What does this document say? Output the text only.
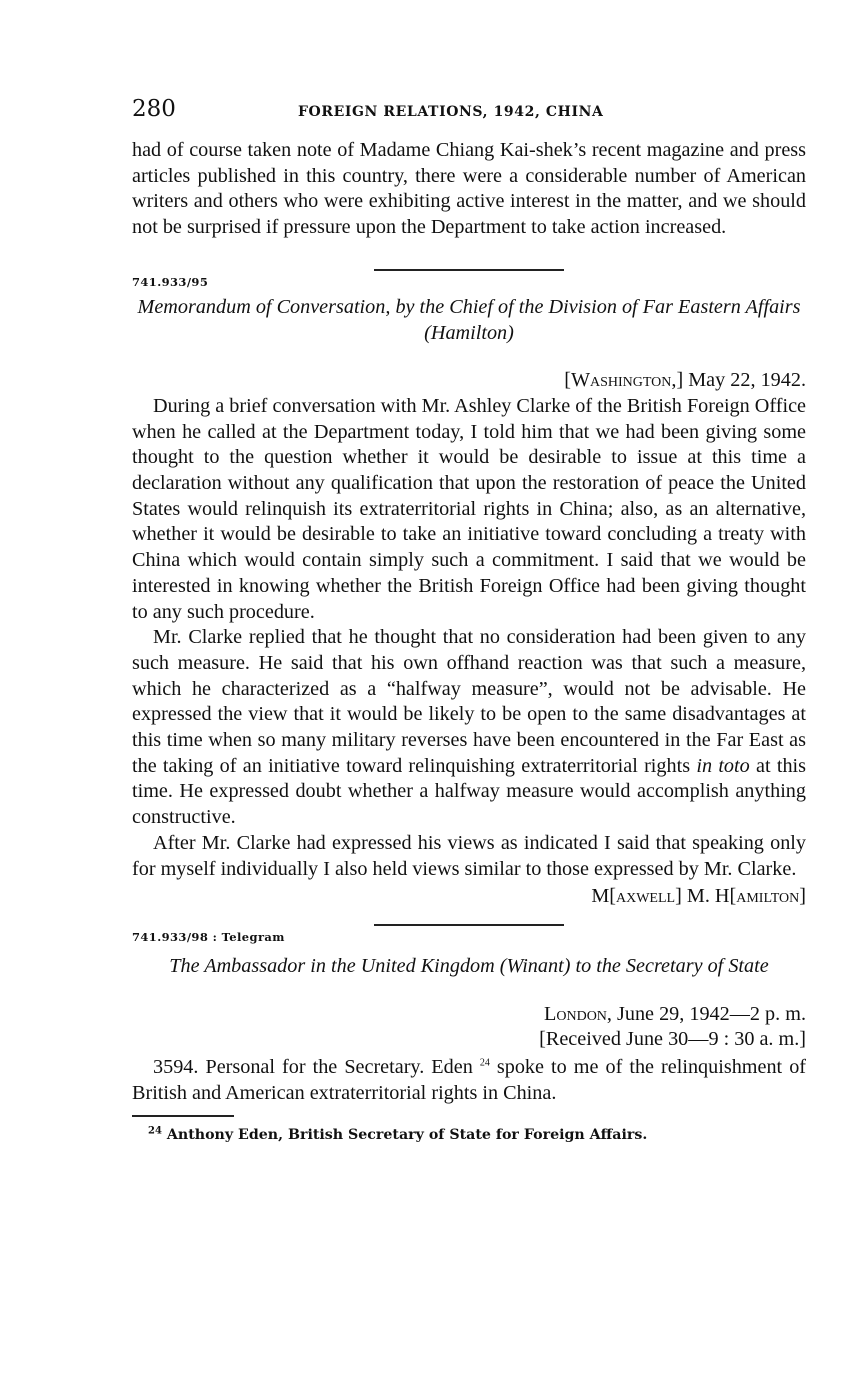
280	FOREIGN RELATIONS, 1942, CHINA

had of course taken note of Madame Chiang Kai-shek’s recent magazine and press articles published in this country, there were a considerable number of American writers and others who were exhibiting active interest in the matter, and we should not be surprised if pressure upon the Department to take action increased.

741.933/95

Memorandum of Conversation, by the Chief of the Division of Far Eastern Affairs (Hamilton)

[Washington,] May 22, 1942.

During a brief conversation with Mr. Ashley Clarke of the British Foreign Office when he called at the Department today, I told him that we had been giving some thought to the question whether it would be desirable to issue at this time a declaration without any qualification that upon the restoration of peace the United States would relinquish its extraterritorial rights in China; also, as an alternative, whether it would be desirable to take an initiative toward concluding a treaty with China which would contain simply such a commitment. I said that we would be interested in knowing whether the British Foreign Office had been giving thought to any such procedure.

Mr. Clarke replied that he thought that no consideration had been given to any such measure. He said that his own offhand reaction was that such a measure, which he characterized as a “halfway measure”, would not be advisable. He expressed the view that it would be likely to be open to the same disadvantages at this time when so many military reverses have been encountered in the Far East as the taking of an initiative toward relinquishing extraterritorial rights in toto at this time. He expressed doubt whether a halfway measure would accomplish anything constructive.

After Mr. Clarke had expressed his views as indicated I said that speaking only for myself individually I also held views similar to those expressed by Mr. Clarke.

M[axwell] M. H[amilton]

741.933/98 : Telegram

The Ambassador in the United Kingdom (Winant) to the Secretary of State

London, June 29, 1942—2 p. m.

[Received June 30—9 : 30 a. m.]

3594. Personal for the Secretary. Eden $^{24}$ spoke to me of the relinquishment of British and American extraterritorial rights in China.

$^{24}$ Anthony Eden, British Secretary of State for Foreign Affairs.
